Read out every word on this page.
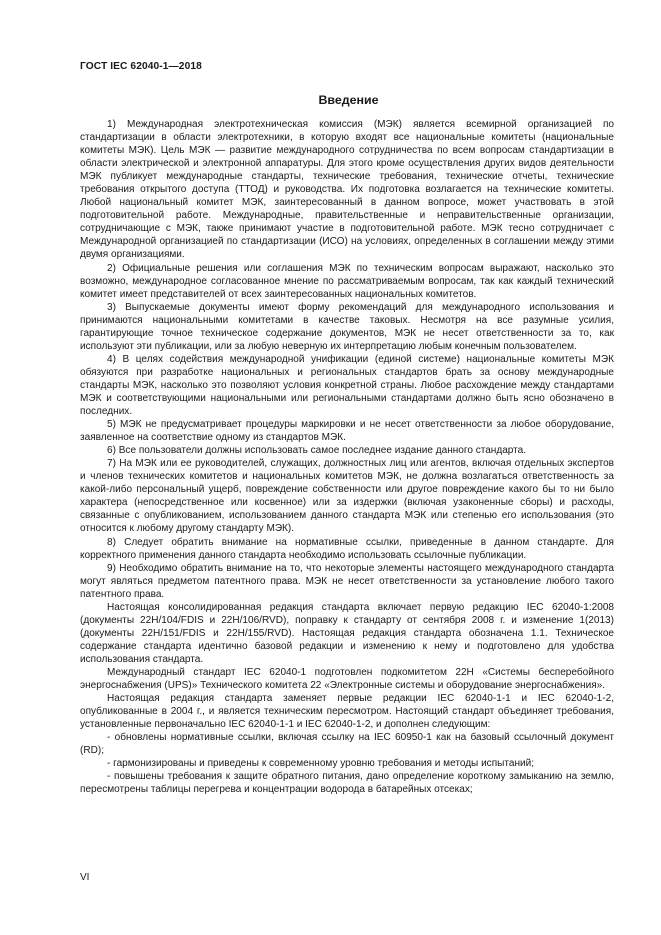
ГОСТ IEC 62040-1—2018
Введение

1) Международная электротехническая комиссия (МЭК) является всемирной организацией по стандартизации в области электротехники, в которую входят все национальные комитеты (национальные комитеты МЭК). Цель МЭК — развитие международного сотрудничества по всем вопросам стандартизации в области электрической и электронной аппаратуры. Для этого кроме осуществления других видов деятельности МЭК публикует международные стандарты, технические требования, технические отчеты, технические требования открытого доступа (ТТОД) и руководства. Их подготовка возлагается на технические комитеты. Любой национальный комитет МЭК, заинтересованный в данном вопросе, может участвовать в этой подготовительной работе. Международные, правительственные и неправительственные организации, сотрудничающие с МЭК, также принимают участие в подготовительной работе. МЭК тесно сотрудничает с Международной организацией по стандартизации (ИСО) на условиях, определенных в соглашении между этими двумя организациями.

2) Официальные решения или соглашения МЭК по техническим вопросам выражают, насколько это возможно, международное согласованное мнение по рассматриваемым вопросам, так как каждый технический комитет имеет представителей от всех заинтересованных национальных комитетов.

3) Выпускаемые документы имеют форму рекомендаций для международного использования и принимаются национальными комитетами в качестве таковых. Несмотря на все разумные усилия, гарантирующие точное техническое содержание документов, МЭК не несет ответственности за то, как используют эти публикации, или за любую неверную их интерпретацию любым конечным пользователем.

4) В целях содействия международной унификации (единой системе) национальные комитеты МЭК обязуются при разработке национальных и региональных стандартов брать за основу международные стандарты МЭК, насколько это позволяют условия конкретной страны. Любое расхождение между стандартами МЭК и соответствующими национальными или региональными стандартами должно быть ясно обозначено в последних.

5) МЭК не предусматривает процедуры маркировки и не несет ответственности за любое оборудование, заявленное на соответствие одному из стандартов МЭК.

6) Все пользователи должны использовать самое последнее издание данного стандарта.

7) На МЭК или ее руководителей, служащих, должностных лиц или агентов, включая отдельных экспертов и членов технических комитетов и национальных комитетов МЭК, не должна возлагаться ответственность за какой-либо персональный ущерб, повреждение собственности или другое повреждение какого бы то ни было характера (непосредственное или косвенное) или за издержки (включая узаконенные сборы) и расходы, связанные с опубликованием, использованием данного стандарта МЭК или степенью его использования (это относится к любому другому стандарту МЭК).

8) Следует обратить внимание на нормативные ссылки, приведенные в данном стандарте. Для корректного применения данного стандарта необходимо использовать ссылочные публикации.

9) Необходимо обратить внимание на то, что некоторые элементы настоящего международного стандарта могут являться предметом патентного права. МЭК не несет ответственности за установление любого такого патентного права.

Настоящая консолидированная редакция стандарта включает первую редакцию IEC 62040-1:2008 (документы 22H/104/FDIS и 22H/106/RVD), поправку к стандарту от сентября 2008 г. и изменение 1(2013) (документы 22H/151/FDIS и 22H/155/RVD). Настоящая редакция стандарта обозначена 1.1. Техническое содержание стандарта идентично базовой редакции и изменению к нему и подготовлено для удобства использования стандарта.

Международный стандарт IEC 62040-1 подготовлен подкомитетом 22H «Системы бесперебойного энергоснабжения (UPS)» Технического комитета 22 «Электронные системы и оборудование энергоснабжения».

Настоящая редакция стандарта заменяет первые редакции IEC 62040-1-1 и IEC 62040-1-2, опубликованные в 2004 г., и является техническим пересмотром. Настоящий стандарт объединяет требования, установленные первоначально IEC 62040-1-1 и IEC 62040-1-2, и дополнен следующим:

- обновлены нормативные ссылки, включая ссылку на IEC 60950-1 как на базовый ссылочный документ (RD);

- гармонизированы и приведены к современному уровню требования и методы испытаний;

- повышены требования к защите обратного питания, дано определение короткому замыканию на землю, пересмотрены таблицы перегрева и концентрации водорода в батарейных отсеках;

VI
